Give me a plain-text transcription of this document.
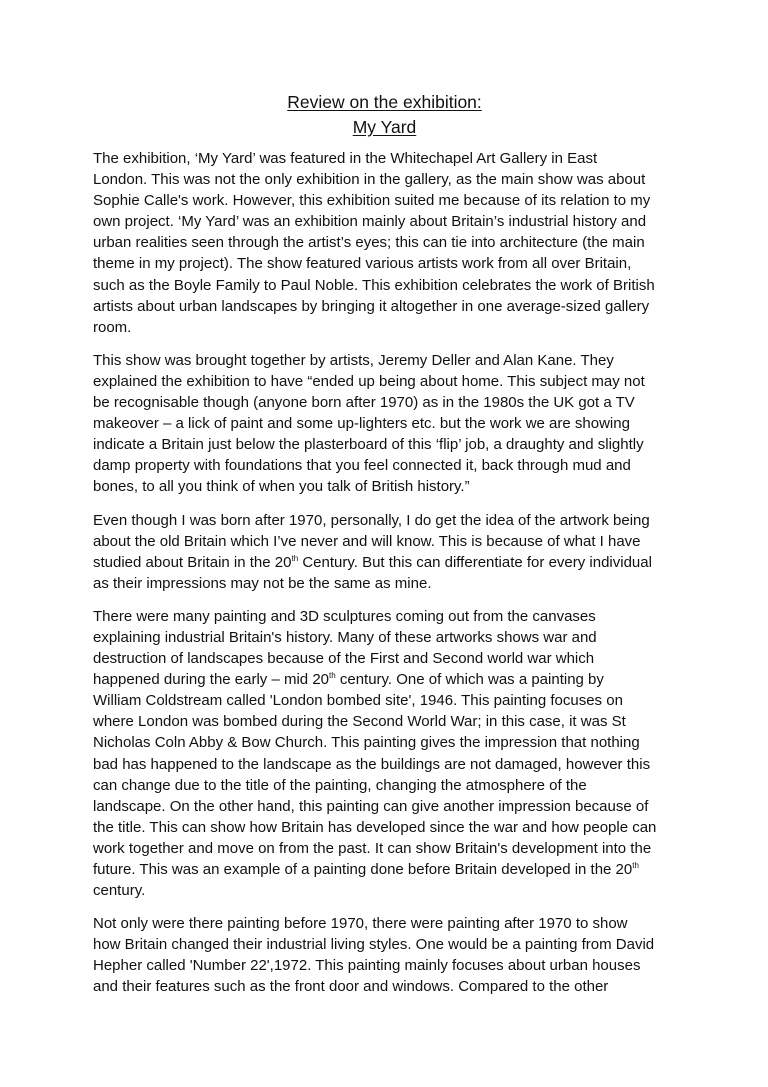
Review on the exhibition:
My Yard

The exhibition, ‘My Yard’ was featured in the Whitechapel Art Gallery in East
London. This was not the only exhibition in the gallery, as the main show was about
Sophie Calle's work. However, this exhibition suited me because of its relation to my
own project. ‘My Yard’ was an exhibition mainly about Britain’s industrial history and
urban realities seen through the artist’s eyes; this can tie into architecture (the main
theme in my project). The show featured various artists work from all over Britain,
such as the Boyle Family to Paul Noble. This exhibition celebrates the work of British
artists about urban landscapes by bringing it altogether in one average-sized gallery
room.

This show was brought together by artists, Jeremy Deller and Alan Kane. They
explained the exhibition to have “ended up being about home. This subject may not
be recognisable though (anyone born after 1970) as in the 1980s the UK got a TV
makeover – a lick of paint and some up-lighters etc. but the work we are showing
indicate a Britain just below the plasterboard of this ‘flip’ job, a draughty and slightly
damp property with foundations that you feel connected it, back through mud and
bones, to all you think of when you talk of British history.”

Even though I was born after 1970, personally, I do get the idea of the artwork being
about the old Britain which I’ve never and will know. This is because of what I have
studied about Britain in the 20th Century. But this can differentiate for every individual
as their impressions may not be the same as mine.

There were many painting and 3D sculptures coming out from the canvases
explaining industrial Britain's history. Many of these artworks shows war and
destruction of landscapes because of the First and Second world war which
happened during the early – mid 20th century. One of which was a painting by
William Coldstream called 'London bombed site', 1946. This painting focuses on
where London was bombed during the Second World War; in this case, it was St
Nicholas Coln Abby & Bow Church. This painting gives the impression that nothing
bad has happened to the landscape as the buildings are not damaged, however this
can change due to the title of the painting, changing the atmosphere of the
landscape. On the other hand, this painting can give another impression because of
the title. This can show how Britain has developed since the war and how people can
work together and move on from the past. It can show Britain's development into the
future. This was an example of a painting done before Britain developed in the 20th
century.

Not only were there painting before 1970, there were painting after 1970 to show
how Britain changed their industrial living styles. One would be a painting from David
Hepher called 'Number 22',1972. This painting mainly focuses about urban houses
and their features such as the front door and windows. Compared to the other
